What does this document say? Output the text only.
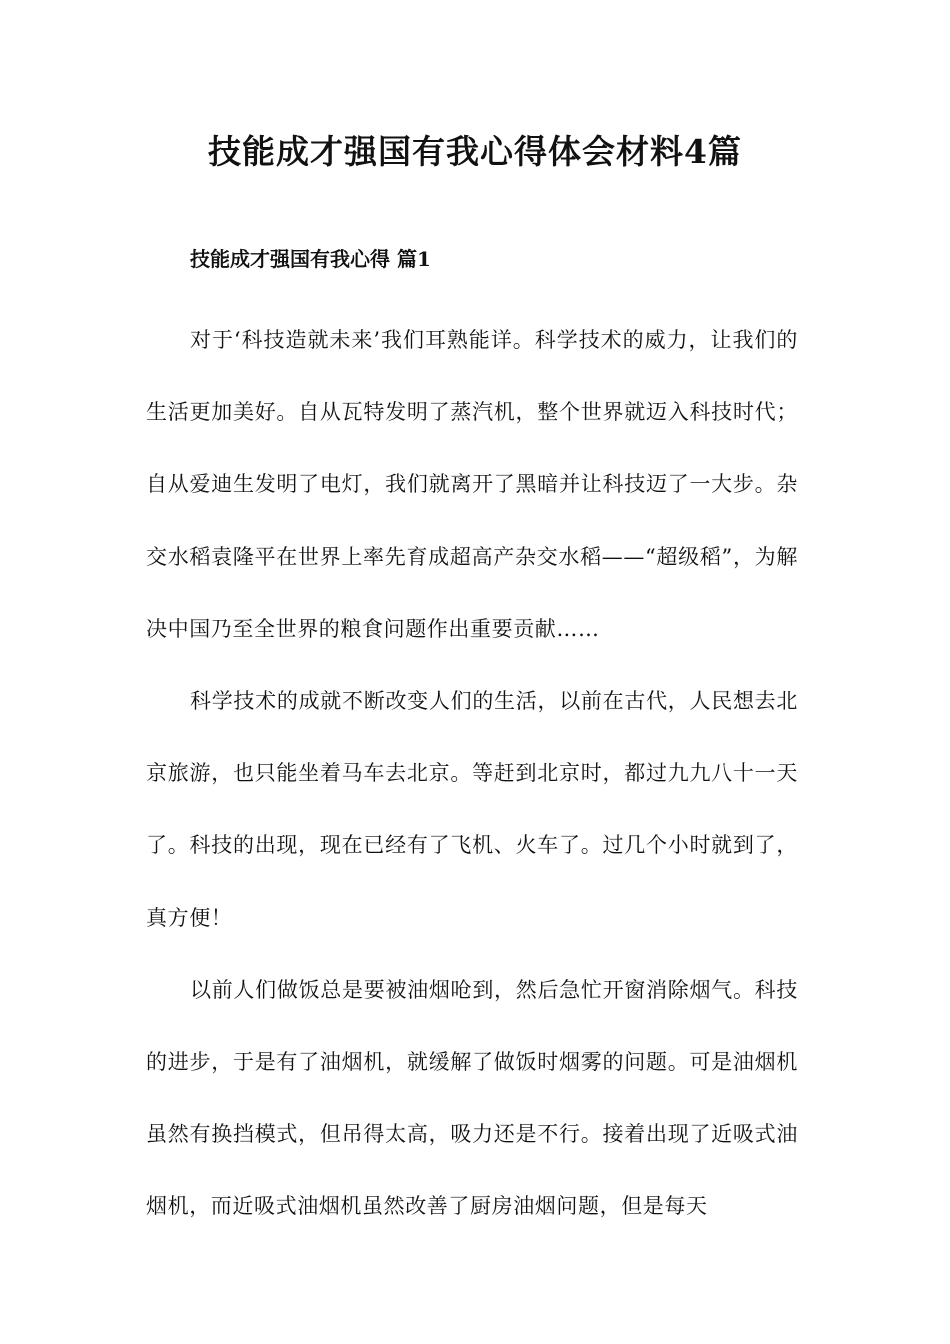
技能成才强国有我心得体会材料4篇
技能成才强国有我心得 篇1

对于‘科技造就未来’我们耳熟能详。科学技术的威力，让我们的生活更加美好。自从瓦特发明了蒸汽机，整个世界就迈入科技时代；自从爱迪生发明了电灯，我们就离开了黑暗并让科技迈了一大步。杂交水稻袁隆平在世界上率先育成超高产杂交水稻——“超级稻”，为解决中国乃至全世界的粮食问题作出重要贡献……

科学技术的成就不断改变人们的生活，以前在古代，人民想去北京旅游，也只能坐着马车去北京。等赶到北京时，都过九九八十一天了。科技的出现，现在已经有了飞机、火车了。过几个小时就到了，真方便！

以前人们做饭总是要被油烟呛到，然后急忙开窗消除烟气。科技的进步，于是有了油烟机，就缓解了做饭时烟雾的问题。可是油烟机虽然有换挡模式，但吊得太高，吸力还是不行。接着出现了近吸式油烟机，而近吸式油烟机虽然改善了厨房油烟问题，但是每天
